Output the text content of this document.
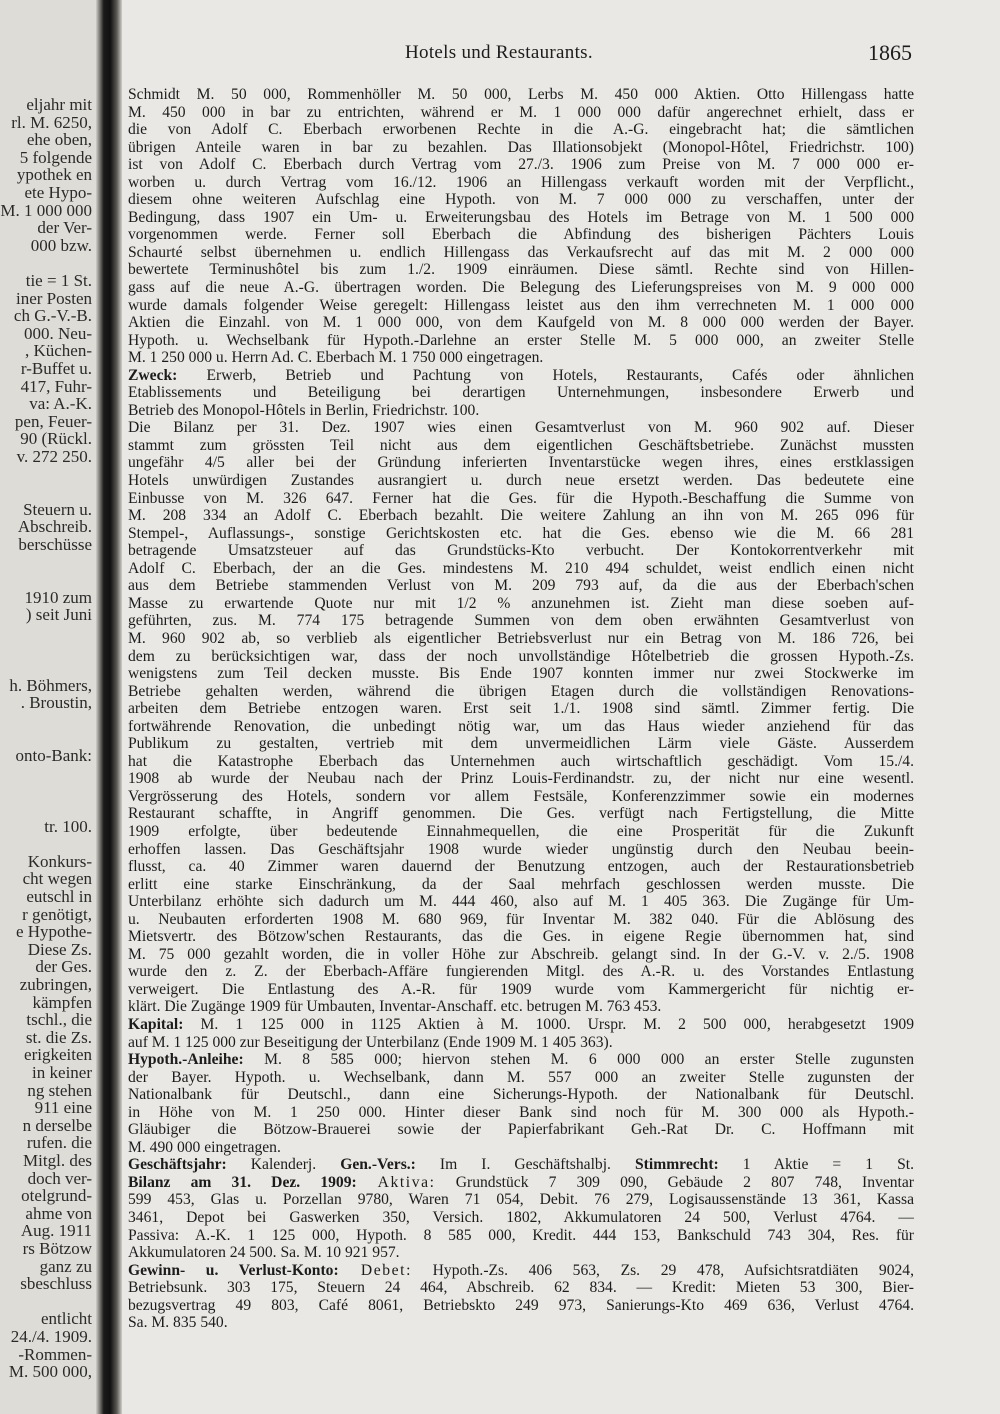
eljahr mit
rl. M. 6250,
ehe oben,
5 folgende
ypothek en
ete Hypo-
M. 1 000 000
der Ver-
000 bzw.
tie = 1 St.
iner Posten
ch G.-V.-B.
000. Neu-
, Küchen-
r-Buffet u.
417, Fuhr-
va: A.-K.
pen, Feuer-
90 (Rückl.
v. 272 250.
Steuern u.
Abschreib.
berschüsse
1910 zum
) seit Juni
h. Böhmers,
. Broustin,
onto-Bank:
tr. 100.
Konkurs-
cht wegen
eutschl in
r genötigt,
e Hypothe-
Diese Zs.
der Ges.
zubringen,
kämpfen
tschl., die
st. die Zs.
erigkeiten
in keiner
ng stehen
911 eine
n derselbe
rufen. die
Mitgl. des
doch ver-
otelgrund-
ahme von
Aug. 1911
rs Bötzow
ganz zu
sbeschluss
entlicht
24./4. 1909.
-Rommen-
M. 500 000,
Hotels und Restaurants.	1865
Schmidt M. 50 000, Rommenhöller M. 50 000, Lerbs M. 450 000 Aktien. Otto Hillengass hatte
M. 450 000 in bar zu entrichten, während er M. 1 000 000 dafür angerechnet erhielt, dass er
die von Adolf C. Eberbach erworbenen Rechte in die A.-G. eingebracht hat; die sämtlichen
übrigen Anteile waren in bar zu bezahlen. Das Illationsobjekt (Monopol-Hôtel, Friedrichstr. 100)
ist von Adolf C. Eberbach durch Vertrag vom 27./3. 1906 zum Preise von M. 7 000 000 er-
worben u. durch Vertrag vom 16./12. 1906 an Hillengass verkauft worden mit der Verpflicht.,
diesem ohne weiteren Aufschlag eine Hypoth. von M. 7 000 000 zu verschaffen, unter der
Bedingung, dass 1907 ein Um- u. Erweiterungsbau des Hotels im Betrage von M. 1 500 000
vorgenommen werde. Ferner soll Eberbach die Abfindung des bisherigen Pächters Louis
Schaurté selbst übernehmen u. endlich Hillengass das Verkaufsrecht auf das mit M. 2 000 000
bewertete Terminushôtel bis zum 1./2. 1909 einräumen. Diese sämtl. Rechte sind von Hillen-
gass auf die neue A.-G. übertragen worden. Die Belegung des Lieferungspreises von M. 9 000 000
wurde damals folgender Weise geregelt: Hillengass leistet aus den ihm verrechneten M. 1 000 000
Aktien die Einzahl. von M. 1 000 000, von dem Kaufgeld von M. 8 000 000 werden der Bayer.
Hypoth. u. Wechselbank für Hypoth.-Darlehne an erster Stelle M. 5 000 000, an zweiter Stelle
M. 1 250 000 u. Herrn Ad. C. Eberbach M. 1 750 000 eingetragen.
Zweck: Erwerb, Betrieb und Pachtung von Hotels, Restaurants, Cafés oder ähnlichen
Etablissements und Beteiligung bei derartigen Unternehmungen, insbesondere Erwerb und
Betrieb des Monopol-Hôtels in Berlin, Friedrichstr. 100.
Die Bilanz per 31. Dez. 1907 wies einen Gesamtverlust von M. 960 902 auf. Dieser
stammt zum grössten Teil nicht aus dem eigentlichen Geschäftsbetriebe. Zunächst mussten
ungefähr 4/5 aller bei der Gründung inferierten Inventarstücke wegen ihres, eines erstklassigen
Hotels unwürdigen Zustandes ausrangiert u. durch neue ersetzt werden. Das bedeutete eine
Einbusse von M. 326 647. Ferner hat die Ges. für die Hypoth.-Beschaffung die Summe von
M. 208 334 an Adolf C. Eberbach bezahlt. Die weitere Zahlung an ihn von M. 265 096 für
Stempel-, Auflassungs-, sonstige Gerichtskosten etc. hat die Ges. ebenso wie die M. 66 281
betragende Umsatzsteuer auf das Grundstücks-Kto verbucht. Der Kontokorrentverkehr mit
Adolf C. Eberbach, der an die Ges. mindestens M. 210 494 schuldet, weist endlich einen nicht
aus dem Betriebe stammenden Verlust von M. 209 793 auf, da die aus der Eberbach'schen
Masse zu erwartende Quote nur mit 1/2 % anzunehmen ist. Zieht man diese soeben auf-
geführten, zus. M. 774 175 betragende Summen von dem oben erwähnten Gesamtverlust von
M. 960 902 ab, so verblieb als eigentlicher Betriebsverlust nur ein Betrag von M. 186 726, bei
dem zu berücksichtigen war, dass der noch unvollständige Hôtelbetrieb die grossen Hypoth.-Zs.
wenigstens zum Teil decken musste. Bis Ende 1907 konnten immer nur zwei Stockwerke im
Betriebe gehalten werden, während die übrigen Etagen durch die vollständigen Renovations-
arbeiten dem Betriebe entzogen waren. Erst seit 1./1. 1908 sind sämtl. Zimmer fertig. Die
fortwährende Renovation, die unbedingt nötig war, um das Haus wieder anziehend für das
Publikum zu gestalten, vertrieb mit dem unvermeidlichen Lärm viele Gäste. Ausserdem
hat die Katastrophe Eberbach das Unternehmen auch wirtschaftlich geschädigt. Vom 15./4.
1908 ab wurde der Neubau nach der Prinz Louis-Ferdinandstr. zu, der nicht nur eine wesentl.
Vergrösserung des Hotels, sondern vor allem Festsäle, Konferenzzimmer sowie ein modernes
Restaurant schaffte, in Angriff genommen. Die Ges. verfügt nach Fertigstellung, die Mitte
1909 erfolgte, über bedeutende Einnahmequellen, die eine Prosperität für die Zukunft
erhoffen lassen. Das Geschäftsjahr 1908 wurde wieder ungünstig durch den Neubau beein-
flusst, ca. 40 Zimmer waren dauernd der Benutzung entzogen, auch der Restaurationsbetrieb
erlitt eine starke Einschränkung, da der Saal mehrfach geschlossen werden musste. Die
Unterbilanz erhöhte sich dadurch um M. 444 460, also auf M. 1 405 363. Die Zugänge für Um-
u. Neubauten erforderten 1908 M. 680 969, für Inventar M. 382 040. Für die Ablösung des
Mietsvertr. des Bötzow'schen Restaurants, das die Ges. in eigene Regie übernommen hat, sind
M. 75 000 gezahlt worden, die in voller Höhe zur Abschreib. gelangt sind. In der G.-V. v. 2./5. 1908
wurde den z. Z. der Eberbach-Affäre fungierenden Mitgl. des A.-R. u. des Vorstandes Entlastung
verweigert. Die Entlastung des A.-R. für 1909 wurde vom Kammergericht für nichtig er-
klärt. Die Zugänge 1909 für Umbauten, Inventar-Anschaff. etc. betrugen M. 763 453.
Kapital: M. 1 125 000 in 1125 Aktien à M. 1000. Urspr. M. 2 500 000, herabgesetzt 1909
auf M. 1 125 000 zur Beseitigung der Unterbilanz (Ende 1909 M. 1 405 363).
Hypoth.-Anleihe: M. 8 585 000; hiervon stehen M. 6 000 000 an erster Stelle zugunsten
der Bayer. Hypoth. u. Wechselbank, dann M. 557 000 an zweiter Stelle zugunsten der
Nationalbank für Deutschl., dann eine Sicherungs-Hypoth. der Nationalbank für Deutschl.
in Höhe von M. 1 250 000. Hinter dieser Bank sind noch für M. 300 000 als Hypoth.-
Gläubiger die Bötzow-Brauerei sowie der Papierfabrikant Geh.-Rat Dr. C. Hoffmann mit
M. 490 000 eingetragen.
Geschäftsjahr: Kalenderj. Gen.-Vers.: Im I. Geschäftshalbj. Stimmrecht: 1 Aktie = 1 St.
Bilanz am 31. Dez. 1909: Aktiva: Grundstück 7 309 090, Gebäude 2 807 748, Inventar
599 453, Glas u. Porzellan 9780, Waren 71 054, Debit. 76 279, Logisaussenstände 13 361, Kassa
3461, Depot bei Gaswerken 350, Versich. 1802, Akkumulatoren 24 500, Verlust 4764. —
Passiva: A.-K. 1 125 000, Hypoth. 8 585 000, Kredit. 444 153, Bankschuld 743 304, Res. für
Akkumulatoren 24 500. Sa. M. 10 921 957.
Gewinn- u. Verlust-Konto: Debet: Hypoth.-Zs. 406 563, Zs. 29 478, Aufsichtsratdiäten 9024,
Betriebsunk. 303 175, Steuern 24 464, Abschreib. 62 834. — Kredit: Mieten 53 300, Bier-
bezugsvertrag 49 803, Café 8061, Betriebskto 249 973, Sanierungs-Kto 469 636, Verlust 4764.
Sa. M. 835 540.
